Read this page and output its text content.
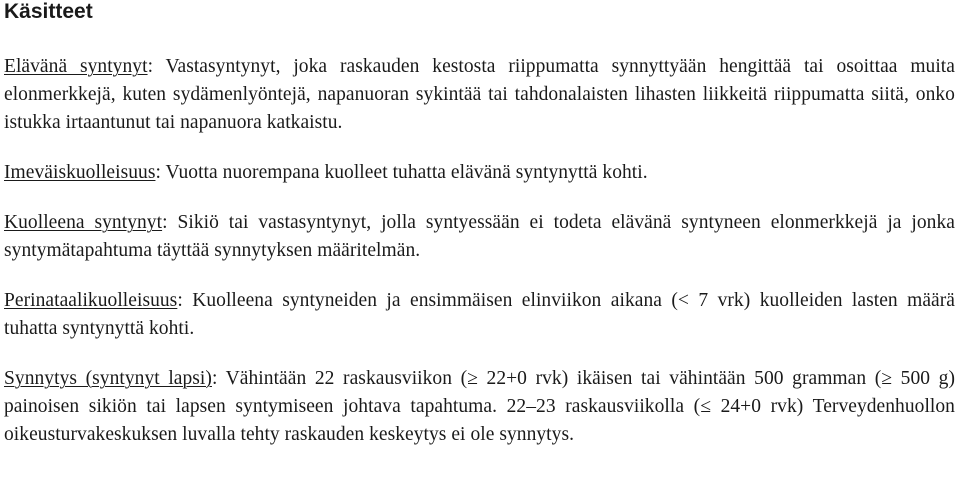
Käsitteet

Elävänä syntynyt: Vastasyntynyt, joka raskauden kestosta riippumatta synnyttyään hengittää tai osoittaa muita elonmerkkejä, kuten sydämenlyöntejä, napanuoran sykintää tai tahdonalaisten lihasten liikkeitä riippumatta siitä, onko istukka irtaantunut tai napanuora katkaistu.

Imeväiskuolleisuus: Vuotta nuorempana kuolleet tuhatta elävänä syntynyttä kohti.

Kuolleena syntynyt: Sikiö tai vastasyntynyt, jolla syntyessään ei todeta elävänä syntyneen elonmerkkejä ja jonka syntymätapahtuma täyttää synnytyksen määritelmän.

Perinataalikuolleisuus: Kuolleena syntyneiden ja ensimmäisen elinviikon aikana (< 7 vrk) kuolleiden lasten määrä tuhatta syntynyttä kohti.

Synnytys (syntynyt lapsi): Vähintään 22 raskausviikon (≥ 22+0 rvk) ikäisen tai vähintään 500 gramman (≥ 500 g) painoisen sikiön tai lapsen syntymiseen johtava tapahtuma. 22–23 raskausviikolla (≤ 24+0 rvk) Terveydenhuollon oikeusturvakeskuksen luvalla tehty raskauden keskeytys ei ole synnytys.
